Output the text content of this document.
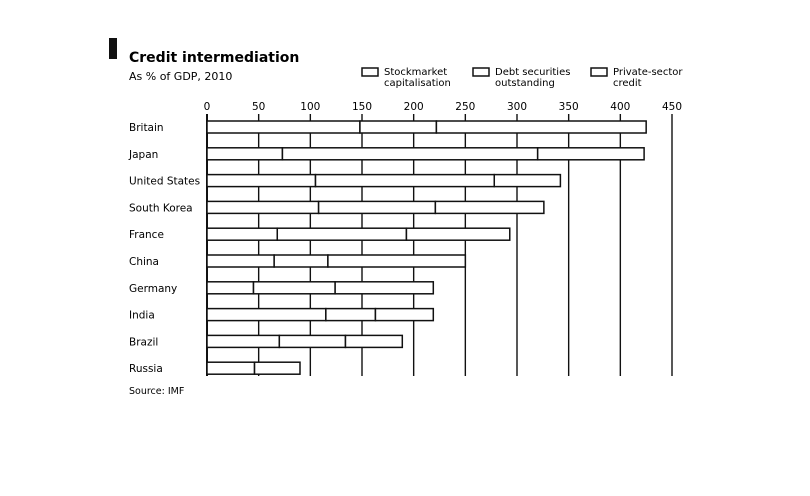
Credit intermediation
As % of GDP, 2010	Stockmarket
capitalisation
Debt securities
outstanding
Private-sector
credit
0	50	100	150	200	250	300	350	400	450
Britain
Japan
United States
South Korea
France
China
Germany
India
Brazil
Russia
Source: IMF
